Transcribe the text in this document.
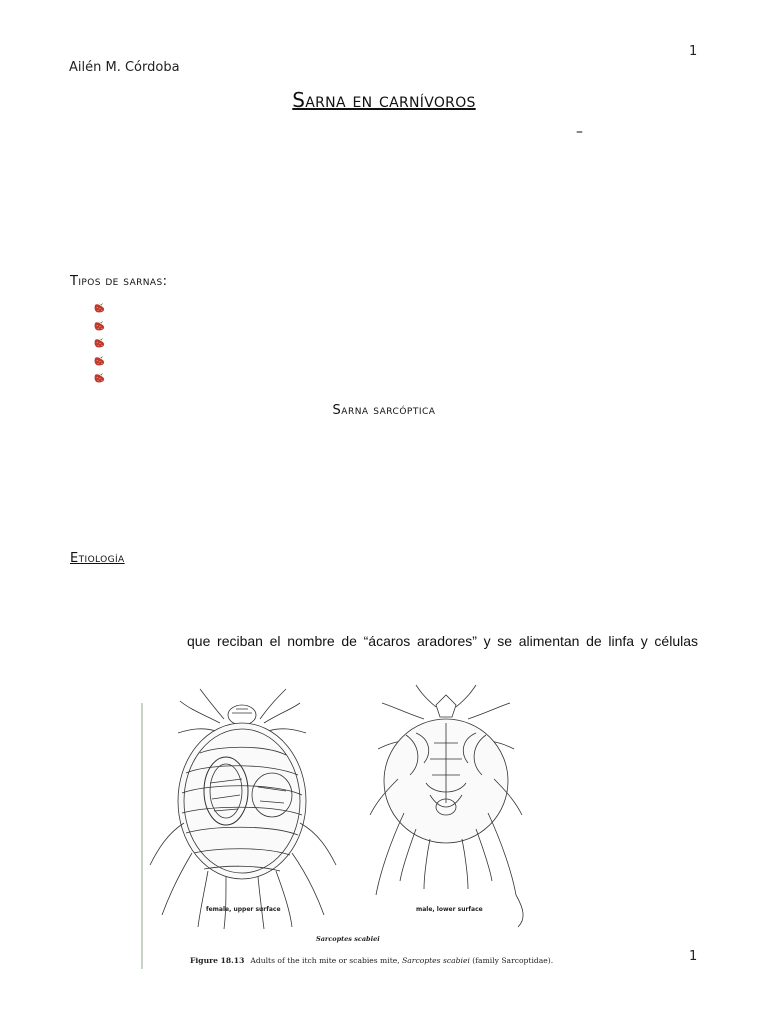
1
Ailén M. Córdoba
Sarna en carnívoros
–
Tipos de sarnas:
Sarna sarcóptica
Etiología
que reciban el nombre de “ácaros aradores” y se alimentan de linfa y células
female, upper surface	male, lower surface
Sarcoptes scabiei
Figure 18.13 Adults of the itch mite or scabies mite, Sarcoptes scabiei (family Sarcoptidae).	1
